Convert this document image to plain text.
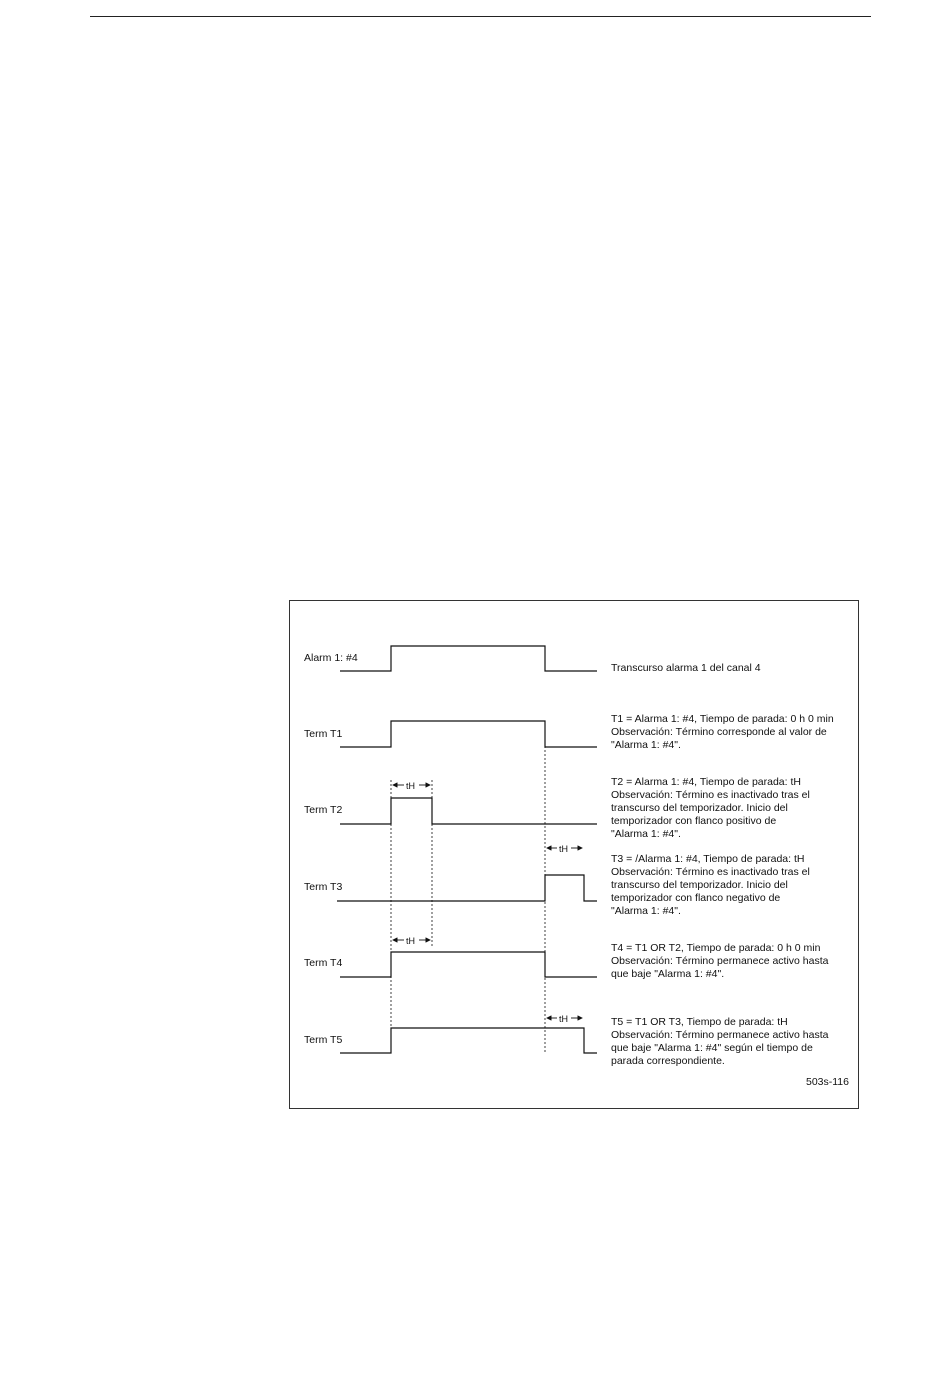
Alarm 1: #4
Term T1
Term T2
Term T3
Term T4
Term T5
tH
tH
tH
tH
Transcurso alarma 1 del canal 4
T1 = Alarma 1: #4, Tiempo de parada: 0 h 0 min
Observación: Término corresponde al valor de
"Alarma 1: #4".
T2 = Alarma 1: #4, Tiempo de parada: tH
Observación: Término es inactivado tras el
transcurso del temporizador. Inicio del
temporizador con flanco positivo de
"Alarma 1: #4".
T3 = /Alarma 1: #4, Tiempo de parada: tH
Observación: Término es inactivado tras el
transcurso del temporizador. Inicio del
temporizador con flanco negativo de
"Alarma 1: #4".
T4 = T1 OR T2, Tiempo de parada: 0 h 0 min
Observación: Término permanece activo hasta
que baje "Alarma 1: #4".
T5 = T1 OR T3, Tiempo de parada: tH
Observación: Término permanece activo hasta
que baje "Alarma 1: #4" según el tiempo de
parada correspondiente.
503s-116
